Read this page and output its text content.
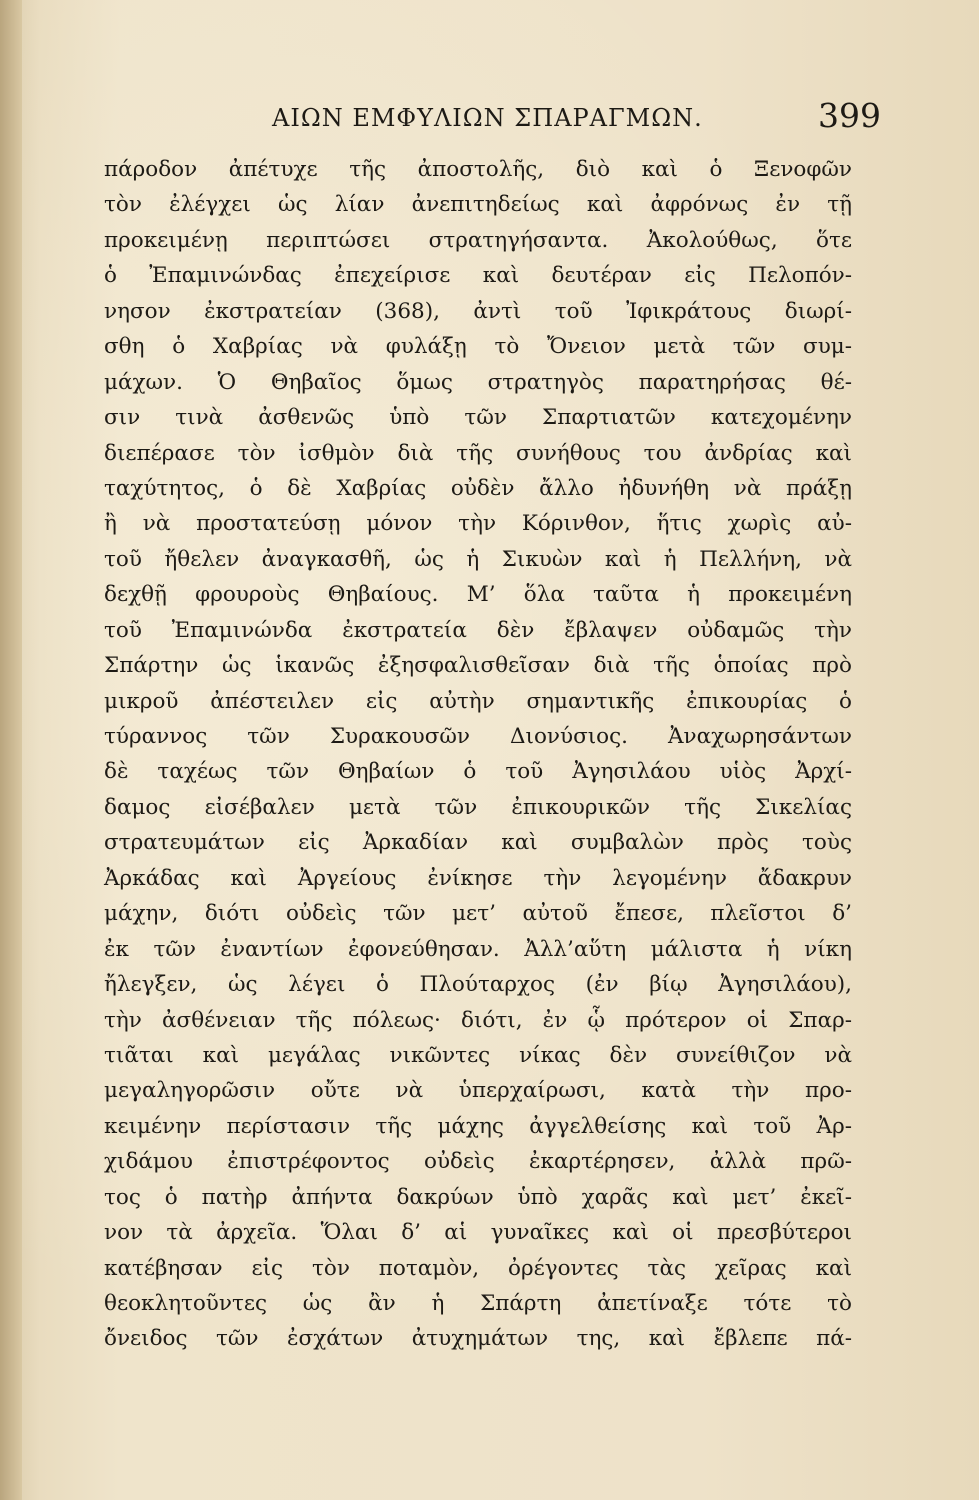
ΑΙΩΝ ΕΜΦΥΛΙΩΝ ΣΠΑΡΑΓΜΩΝ.	399
πάροδον ἀπέτυχε τῆς ἀποστολῆς, διὸ καὶ ὁ Ξενοφῶν
τὸν ἐλέγχει ὡς λίαν ἀνεπιτηδείως καὶ ἀφρόνως ἐν τῇ
προκειμένῃ περιπτώσει στρατηγήσαντα. Ἀκολούθως, ὅτε
ὁ Ἐπαμινώνδας ἐπεχείρισε καὶ δευτέραν εἰς Πελοπόν-
νησον ἐκστρατείαν (368), ἀντὶ τοῦ Ἰφικράτους διωρί-
σθη ὁ Χαβρίας νὰ φυλάξῃ τὸ Ὄνειον μετὰ τῶν συμ-
μάχων. Ὁ Θηβαῖος ὅμως στρατηγὸς παρατηρήσας θέ-
σιν τινὰ ἀσθενῶς ὑπὸ τῶν Σπαρτιατῶν κατεχομένην
διεπέρασε τὸν ἰσθμὸν διὰ τῆς συνήθους του ἀνδρίας καὶ
ταχύτητος, ὁ δὲ Χαβρίας οὐδὲν ἄλλο ἠδυνήθη νὰ πράξῃ
ἢ νὰ προστατεύσῃ μόνον τὴν Κόρινθον, ἥτις χωρὶς αὐ-
τοῦ ἤθελεν ἀναγκασθῆ, ὡς ἡ Σικυὼν καὶ ἡ Πελλήνη, νὰ
δεχθῇ φρουροὺς Θηβαίους. Μ’ ὅλα ταῦτα ἡ προκειμένη
τοῦ Ἐπαμινώνδα ἐκστρατεία δὲν ἔβλαψεν οὐδαμῶς τὴν
Σπάρτην ὡς ἱκανῶς ἐξησφαλισθεῖσαν διὰ τῆς ὁποίας πρὸ
μικροῦ ἀπέστειλεν εἰς αὐτὴν σημαντικῆς ἐπικουρίας ὁ
τύραννος τῶν Συρακουσῶν Διονύσιος. Ἀναχωρησάντων
δὲ ταχέως τῶν Θηβαίων ὁ τοῦ Ἀγησιλάου υἱὸς Ἀρχί-
δαμος εἰσέβαλεν μετὰ τῶν ἐπικουρικῶν τῆς Σικελίας
στρατευμάτων εἰς Ἀρκαδίαν καὶ συμβαλὼν πρὸς τοὺς
Ἀρκάδας καὶ Ἀργείους ἐνίκησε τὴν λεγομένην ἄδακρυν
μάχην, διότι οὐδεὶς τῶν μετ’ αὐτοῦ ἔπεσε, πλεῖστοι δ’
ἐκ τῶν ἐναντίων ἐφονεύθησαν. Ἀλλ’αὕτη μάλιστα ἡ νίκη
ἤλεγξεν, ὡς λέγει ὁ Πλούταρχος (ἐν βίῳ Ἀγησιλάου),
τὴν ἀσθένειαν τῆς πόλεως· διότι, ἐν ᾧ πρότερον οἱ Σπαρ-
τιᾶται καὶ μεγάλας νικῶντες νίκας δὲν συνείθιζον νὰ
μεγαληγορῶσιν οὔτε νὰ ὑπερχαίρωσι, κατὰ τὴν προ-
κειμένην περίστασιν τῆς μάχης ἀγγελθείσης καὶ τοῦ Ἀρ-
χιδάμου ἐπιστρέφοντος οὐδεὶς ἐκαρτέρησεν, ἀλλὰ πρῶ-
τος ὁ πατὴρ ἀπήντα δακρύων ὑπὸ χαρᾶς καὶ μετ’ ἐκεῖ-
νον τὰ ἀρχεῖα. Ὅλαι δ’ αἱ γυναῖκες καὶ οἱ πρεσβύτεροι
κατέβησαν εἰς τὸν ποταμὸν, ὀρέγοντες τὰς χεῖρας καὶ
θεοκλητοῦντες ὡς ἂν ἡ Σπάρτη ἀπετίναξε τότε τὸ
ὄνειδος τῶν ἐσχάτων ἀτυχημάτων της, καὶ ἔβλεπε πά-
